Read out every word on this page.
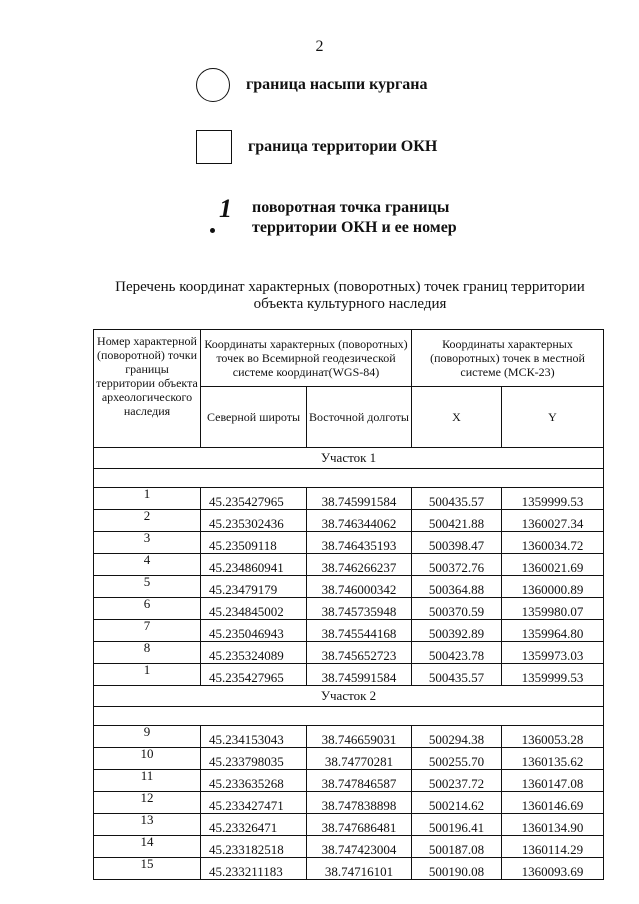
2
граница насыпи кургана
граница территории ОКН
1 поворотная точка границы
территории ОКН и ее номер
Перечень координат характерных (поворотных) точек границ территории
объекта культурного наследия
Номер характерной (поворотной) точки границы территории объекта археологического наследия	Координаты характерных (поворотных) точек во Всемирной геодезической системе координат(WGS-84)		Координаты характерных (поворотных) точек в местной системе (МСК-23)	
	Северной широты	Восточной долготы	X	Y
Участок 1				

1	45.235427965	38.745991584	500435.57	1359999.53
2	45.235302436	38.746344062	500421.88	1360027.34
3	45.23509118	38.746435193	500398.47	1360034.72
4	45.234860941	38.746266237	500372.76	1360021.69
5	45.23479179	38.746000342	500364.88	1360000.89
6	45.234845002	38.745735948	500370.59	1359980.07
7	45.235046943	38.745544168	500392.89	1359964.80
8	45.235324089	38.745652723	500423.78	1359973.03
1	45.235427965	38.745991584	500435.57	1359999.53
Участок 2				

9	45.234153043	38.746659031	500294.38	1360053.28
10	45.233798035	38.74770281	500255.70	1360135.62
11	45.233635268	38.747846587	500237.72	1360147.08
12	45.233427471	38.747838898	500214.62	1360146.69
13	45.23326471	38.747686481	500196.41	1360134.90
14	45.233182518	38.747423004	500187.08	1360114.29
15	45.233211183	38.74716101	500190.08	1360093.69
